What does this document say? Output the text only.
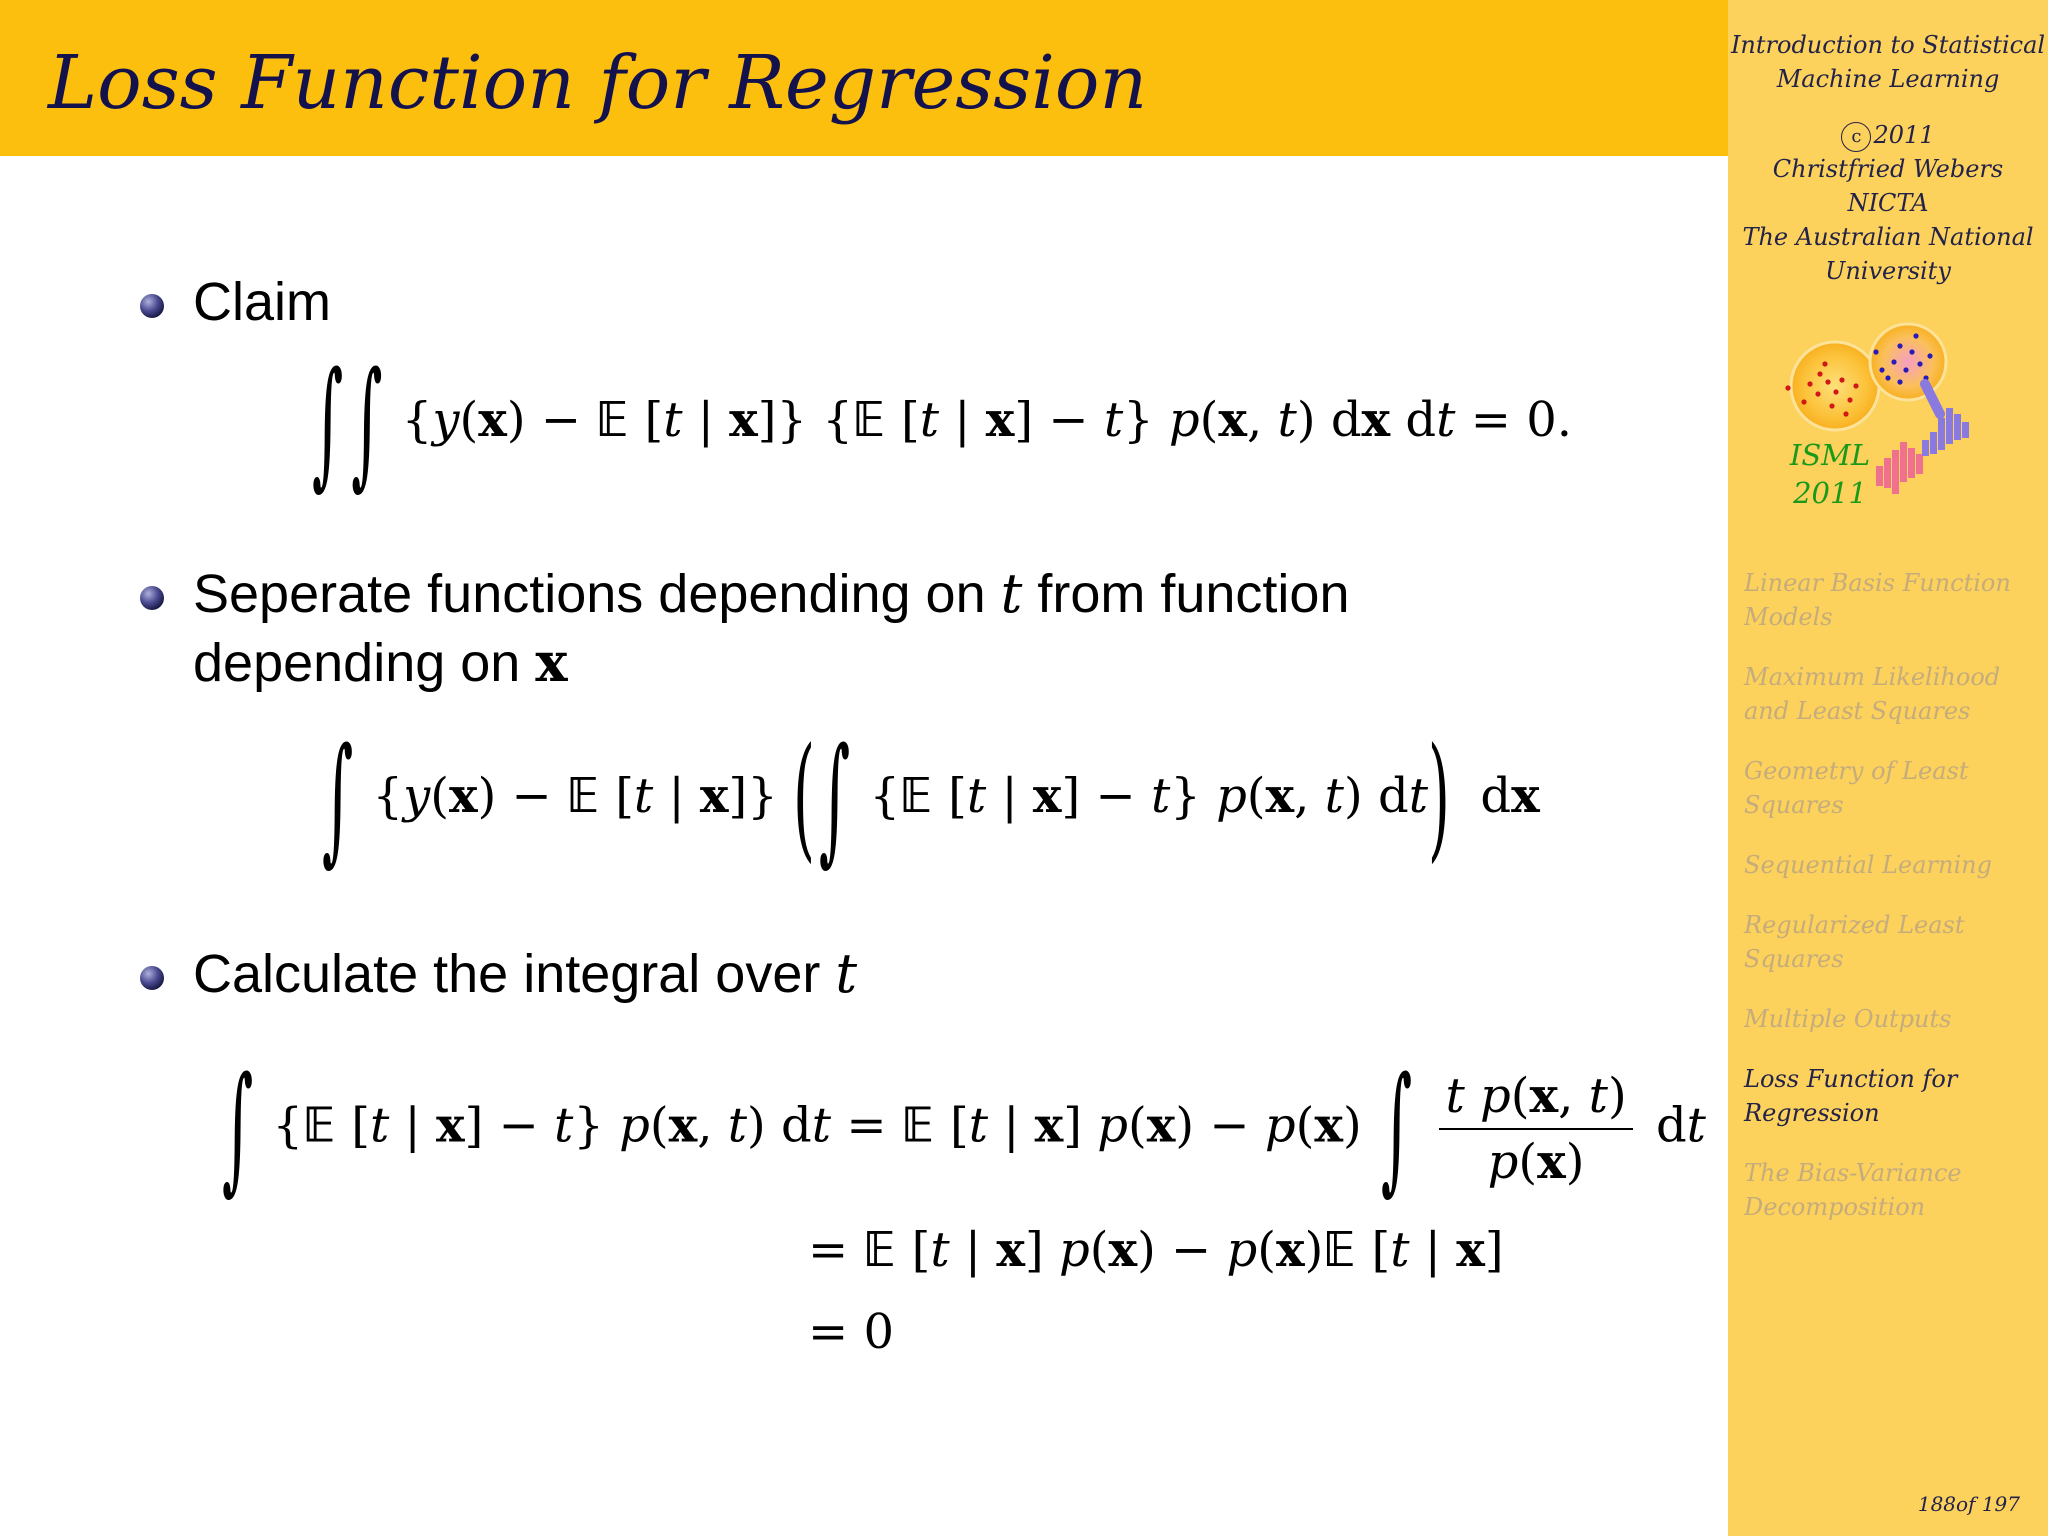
Loss Function for Regression	Introduction to Statistical
Machine Learning
c 2011
Christfried Webers
NICTA
The Australian National
University
ISML
2011
Linear Basis Function Models
Maximum Likelihood and Least Squares
Geometry of Least Squares
Sequential Learning
Regularized Least Squares
Multiple Outputs
Loss Function for Regression
The Bias-Variance Decomposition
188of 197
Claim
∫ ∫ {y(x) − 𝔼 [t | x]} {𝔼 [t | x] − t} p(x, t) dx dt = 0.
Seperate functions depending on t from function
depending on x
∫ {y(x) − 𝔼 [t | x]} (∫ {𝔼 [t | x] − t} p(x, t) dt)  dx
Calculate the integral over t
∫ {𝔼 [t | x] − t} p(x, t) dt = 𝔼 [t | x] p(x) − p(x) ∫ $\frac{\text{t p(x, t)}}{p(x)}$ dt
= 𝔼 [t | x] p(x) − p(x)𝔼 [t | x]
= 0
